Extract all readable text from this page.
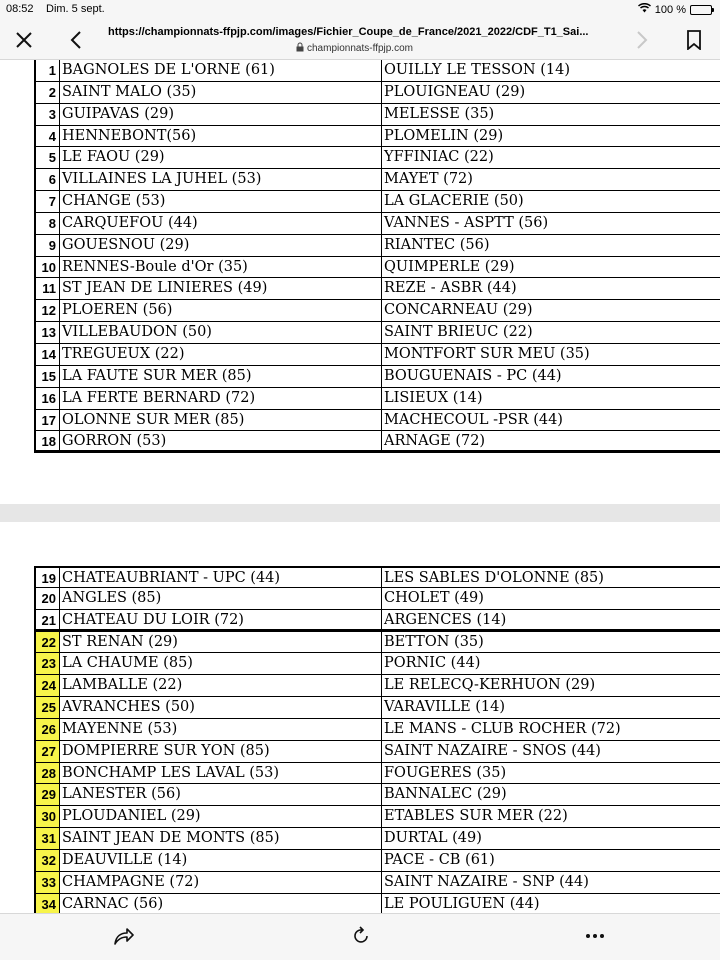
08:52 Dim. 5 sept.	100 %
https://championnats-ffpjp.com/images/Fichier_Coupe_de_France/2021_2022/CDF_T1_Sai...
championnats-ffpjp.com
1 BAGNOLES DE L'ORNE (61)	OUILLY LE TESSON (14)
2 SAINT MALO (35)	PLOUIGNEAU (29)
3 GUIPAVAS (29)	MELESSE (35)
4 HENNEBONT(56)	PLOMELIN (29)
5 LE FAOU (29)	YFFINIAC (22)
6 VILLAINES LA JUHEL (53)	MAYET (72)
7 CHANGE (53)	LA GLACERIE (50)
8 CARQUEFOU (44)	VANNES - ASPTT (56)
9 GOUESNOU (29)	RIANTEC (56)
10 RENNES-Boule d'Or (35)	QUIMPERLE (29)
11 ST JEAN DE LINIERES (49)	REZE - ASBR (44)
12 PLOEREN (56)	CONCARNEAU (29)
13 VILLEBAUDON (50)	SAINT BRIEUC (22)
14 TREGUEUX (22)	MONTFORT SUR MEU (35)
15 LA FAUTE SUR MER (85)	BOUGUENAIS - PC (44)
16 LA FERTE BERNARD (72)	LISIEUX (14)
17 OLONNE SUR MER (85)	MACHECOUL -PSR (44)
18 GORRON (53)	ARNAGE (72)
19 CHATEAUBRIANT - UPC (44)	LES SABLES D'OLONNE (85)
20 ANGLES (85)	CHOLET (49)
21 CHATEAU DU LOIR (72)	ARGENCES (14)
22 ST RENAN (29)	BETTON (35)
23 LA CHAUME (85)	PORNIC (44)
24 LAMBALLE (22)	LE RELECQ-KERHUON (29)
25 AVRANCHES (50)	VARAVILLE (14)
26 MAYENNE (53)	LE MANS - CLUB ROCHER (72)
27 DOMPIERRE SUR YON (85)	SAINT NAZAIRE - SNOS (44)
28 BONCHAMP LES LAVAL (53)	FOUGERES (35)
29 LANESTER (56)	BANNALEC (29)
30 PLOUDANIEL (29)	ETABLES SUR MER (22)
31 SAINT JEAN DE MONTS (85)	DURTAL (49)
32 DEAUVILLE (14)	PACE - CB (61)
33 CHAMPAGNE (72)	SAINT NAZAIRE - SNP (44)
34 CARNAC (56)	LE POULIGUEN (44)
